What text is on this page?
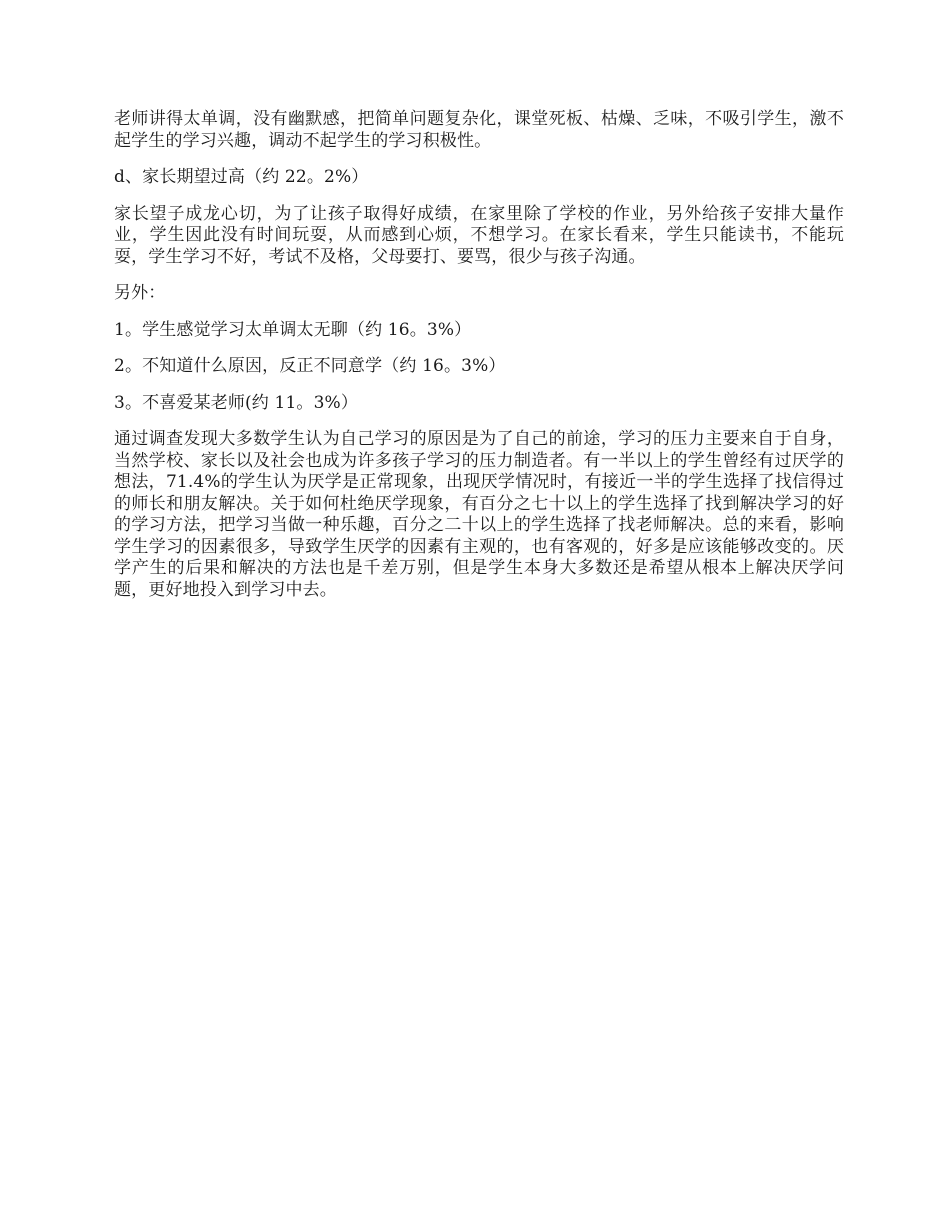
老师讲得太单调，没有幽默感，把简单问题复杂化，课堂死板、枯燥、乏味，不吸引学生，激不起学生的学习兴趣，调动不起学生的学习积极性。

d、家长期望过高（约 22。2%）

家长望子成龙心切，为了让孩子取得好成绩，在家里除了学校的作业，另外给孩子安排大量作业，学生因此没有时间玩耍，从而感到心烦，不想学习。在家长看来，学生只能读书，不能玩耍，学生学习不好，考试不及格，父母要打、要骂，很少与孩子沟通。

另外：

1。学生感觉学习太单调太无聊（约 16。3%）

2。不知道什么原因，反正不同意学（约 16。3%）

3。不喜爱某老师(约 11。3%）

通过调查发现大多数学生认为自己学习的原因是为了自己的前途，学习的压力主要来自于自身，当然学校、家长以及社会也成为许多孩子学习的压力制造者。有一半以上的学生曾经有过厌学的想法，71.4%的学生认为厌学是正常现象，出现厌学情况时，有接近一半的学生选择了找信得过的师长和朋友解决。关于如何杜绝厌学现象，有百分之七十以上的学生选择了找到解决学习的好的学习方法，把学习当做一种乐趣，百分之二十以上的学生选择了找老师解决。总的来看，影响学生学习的因素很多，导致学生厌学的因素有主观的，也有客观的，好多是应该能够改变的。厌学产生的后果和解决的方法也是千差万别，但是学生本身大多数还是希望从根本上解决厌学问题，更好地投入到学习中去。
